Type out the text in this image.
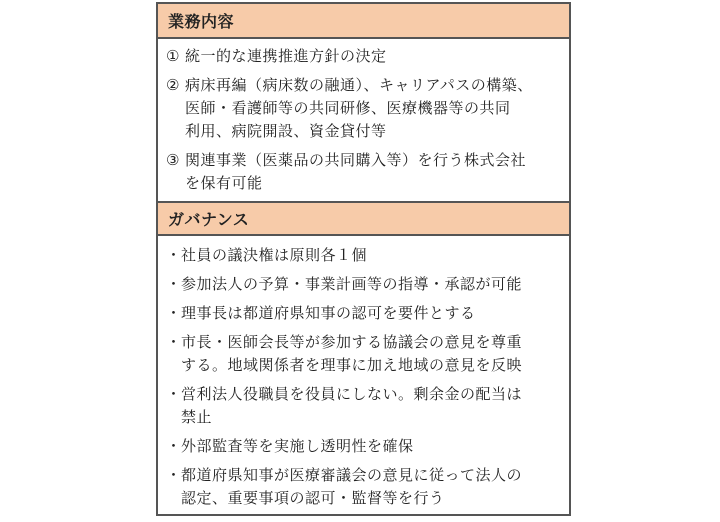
業務内容
① 統一的な連携推進方針の決定
② 病床再編（病床数の融通）、キャリアパスの構築、
医師・看護師等の共同研修、医療機器等の共同
利用、病院開設、資金貸付等
③ 関連事業（医薬品の共同購入等）を行う株式会社
を保有可能
ガバナンス
・ 社員の議決権は原則各１個
・ 参加法人の予算・事業計画等の指導・承認が可能
・ 理事長は都道府県知事の認可を要件とする
・ 市長・医師会長等が参加する協議会の意見を尊重
する。地域関係者を理事に加え地域の意見を反映
・ 営利法人役職員を役員にしない。剰余金の配当は
禁止
・ 外部監査等を実施し透明性を確保
・ 都道府県知事が医療審議会の意見に従って法人の
認定、重要事項の認可・監督等を行う
